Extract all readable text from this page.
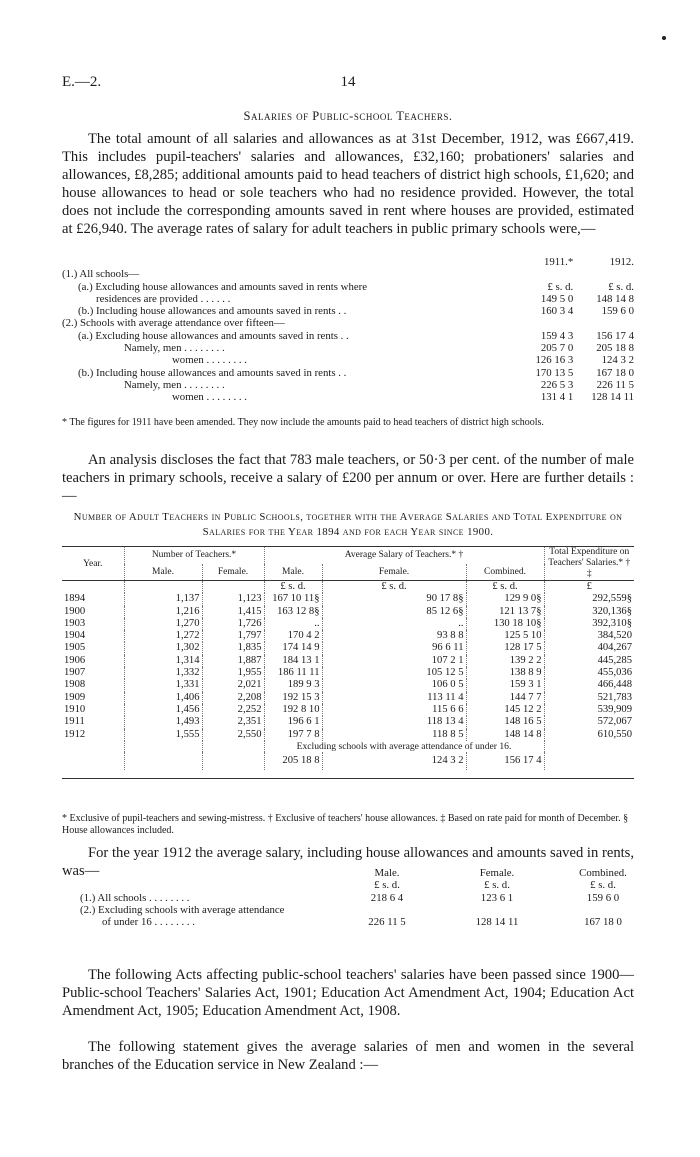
E.—2.	14
Salaries of Public-school Teachers.
The total amount of all salaries and allowances as at 31st December, 1912, was £667,419. This includes pupil-teachers' salaries and allowances, £32,160; probationers' salaries and allowances, £8,285; additional amounts paid to head teachers of district high schools, £1,620; and house allowances to head or sole teachers who had no residence provided. However, the total does not include the corresponding amounts saved in rent where houses are provided, estimated at £26,940. The average rates of salary for adult teachers in public primary schools were,—
	1911.*		1912.
(1.) All schools—			
(a.) Excluding house allowances and amounts saved in rents where	£ s. d.		£ s. d.
residences are provided . . . . . .	149 5 0		148 14 8
(b.) Including house allowances and amounts saved in rents . .	160 3 4		159 6 0
(2.) Schools with average attendance over fifteen—			
(a.) Excluding house allowances and amounts saved in rents . .	159 4 3		156 17 4
Namely, men . . . . . . . .	205 7 0		205 18 8
women . . . . . . . .	126 16 3		124 3 2
(b.) Including house allowances and amounts saved in rents . .	170 13 5		167 18 0
Namely, men . . . . . . . .	226 5 3		226 11 5
women . . . . . . . .	131 4 1		128 14 11
* The figures for 1911 have been amended. They now include the amounts paid to head teachers of district high schools.
An analysis discloses the fact that 783 male teachers, or 50·3 per cent. of the number of male teachers in primary schools, receive a salary of £200 per annum or over. Here are further details :—
Number of Adult Teachers in Public Schools, together with the Average Salaries and Total Expenditure on Salaries for the Year 1894 and for each Year since 1900.
Year.	Number of Teachers.*		Average Salary of Teachers.* †			Total Expenditure on Teachers' Salaries.* † ‡
	Male.	Female.	Male.	Female.	Combined.	
			£ s. d.	£ s. d.	£ s. d.	£
1894	1,137	1,123	167 10 11§	90 17 8§	129 9 0§	292,559§
1900	1,216	1,415	163 12 8§	85 12 6§	121 13 7§	320,136§
1903	1,270	1,726	..	..	130 18 10§	392,310§
1904	1,272	1,797	170 4 2	93 8 8	125 5 10	384,520
1905	1,302	1,835	174 14 9	96 6 11	128 17 5	404,267
1906	1,314	1,887	184 13 1	107 2 1	139 2 2	445,285
1907	1,332	1,955	186 11 11	105 12 5	138 8 9	455,036
1908	1,331	2,021	189 9 3	106 0 5	159 3 1	466,448
1909	1,406	2,208	192 15 3	113 11 4	144 7 7	521,783
1910	1,456	2,252	192 8 10	115 6 6	145 12 2	539,909
1911	1,493	2,351	196 6 1	118 13 4	148 16 5	572,067
1912	1,555	2,550	197 7 8	118 8 5	148 14 8	610,550
			Excluding schools with average attendance of under 16.			
			205 18 8	124 3 2	156 17 4	

* Exclusive of pupil-teachers and sewing-mistress. † Exclusive of teachers' house allowances. ‡ Based on rate paid for month of December. § House allowances included.
For the year 1912 the average salary, including house allowances and amounts saved in rents, was—
		Male.		Female.		Combined.
	£ s. d.		£ s. d.		£ s. d.
(1.) All schools . . . . . . . .	218 6 4		123 6 1		159 6 0
(2.) Excluding schools with average attendance					
of under 16 . . . . . . . .	226 11 5		128 14 11		167 18 0
The following Acts affecting public-school teachers' salaries have been passed since 1900—Public-school Teachers' Salaries Act, 1901; Education Act Amendment Act, 1904; Education Act Amendment Act, 1905; Education Amendment Act, 1908.
The following statement gives the average salaries of men and women in the several branches of the Education service in New Zealand :—
